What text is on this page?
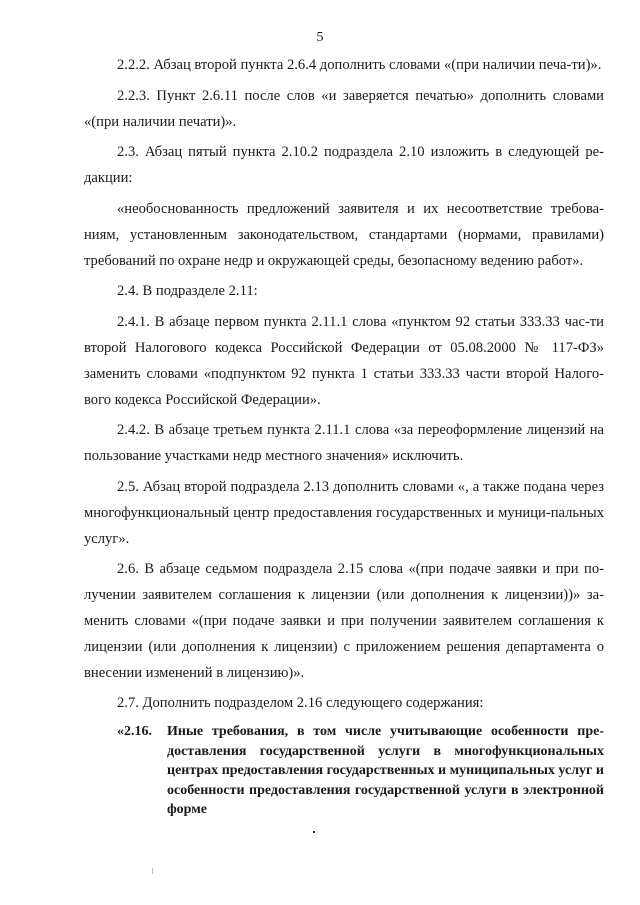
5

2.2.2. Абзац второй пункта 2.6.4 дополнить словами «(при наличии печа-ти)».

2.2.3. Пункт 2.6.11 после слов «и заверяется печатью» дополнить словами «(при наличии печати)».

2.3. Абзац пятый пункта 2.10.2 подраздела 2.10 изложить в следующей ре-дакции:

«необоснованность предложений заявителя и их несоответствие требова-ниям, установленным законодательством, стандартами (нормами, правилами) требований по охране недр и окружающей среды, безопасному ведению работ».

2.4. В подразделе 2.11:

2.4.1. В абзаце первом пункта 2.11.1 слова «пунктом 92 статьи 333.33 час-ти второй Налогового кодекса Российской Федерации от 05.08.2000 № 117-ФЗ» заменить словами «подпунктом 92 пункта 1 статьи 333.33 части второй Налого-вого кодекса Российской Федерации».

2.4.2. В абзаце третьем пункта 2.11.1 слова «за переоформление лицензий на пользование участками недр местного значения» исключить.

2.5. Абзац второй подраздела 2.13 дополнить словами «, а также подана через многофункциональный центр предоставления государственных и муници-пальных услуг».

2.6. В абзаце седьмом подраздела 2.15 слова «(при подаче заявки и при по-лучении заявителем соглашения к лицензии (или дополнения к лицензии))» за-менить словами «(при подаче заявки и при получении заявителем соглашения к лицензии (или дополнения к лицензии) с приложением решения департамента о внесении изменений в лицензию)».

2.7. Дополнить подразделом 2.16 следующего содержания:

«2.16. Иные требования, в том числе учитывающие особенности пре-доставления государственной услуги в многофункциональных центрах предоставления государственных и муниципальных услуг и особенности предоставления государственной услуги в электронной форме
